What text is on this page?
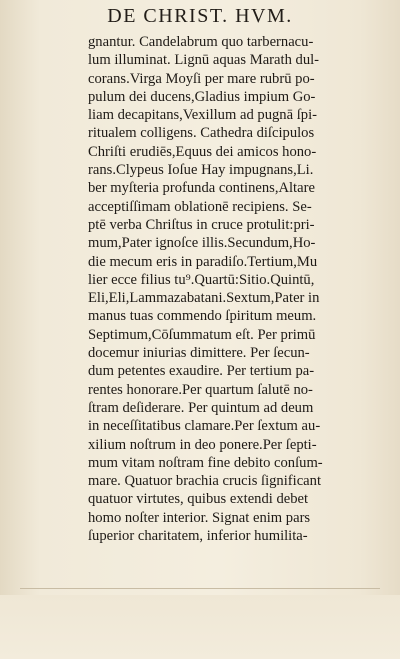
DE CHRIST. HVM.
gnantur. Candelabrum quo tarbernacu-
lum illuminat. Lignū aquas Marath dul-
corans.Virga Moyſi per mare rubrū po-
pulum dei ducens,Gladius impium Go-
liam decapitans,Vexillum ad pugnā ſpi-
ritualem colligens. Cathedra diſcipulos
Chriſti erudiēs,Equus dei amicos hono-
rans.Clypeus Ioſue Hay impugnans,Li.
ber myſteria profunda continens,Altare
acceptiſſimam oblationē recipiens. Se-
ptē verba Chriſtus in cruce protulit:pri-
mum,Pater ignoſce illis.Secundum,Ho-
die mecum eris in paradiſo.Tertium,Mu
lier ecce filius tu⁹.Quartū:Sitio.Quintū,
Eli,Eli,Lammazabatani.Sextum,Pater in
manus tuas commendo ſpiritum meum.
Septimum,Cōſummatum eſt. Per primū
docemur iniurias dimittere. Per ſecun-
dum petentes exaudire. Per tertium pa-
rentes honorare.Per quartum ſalutē no-
ſtram deſiderare. Per quintum ad deum
in neceſſitatibus clamare.Per ſextum au-
xilium noſtrum in deo ponere.Per ſepti-
mum vitam noſtram fine debito conſum-
mare. Quatuor brachia crucis ſignificant
quatuor virtutes, quibus extendi debet
homo noſter interior. Signat enim pars
ſuperior charitatem, inferior humilita-
